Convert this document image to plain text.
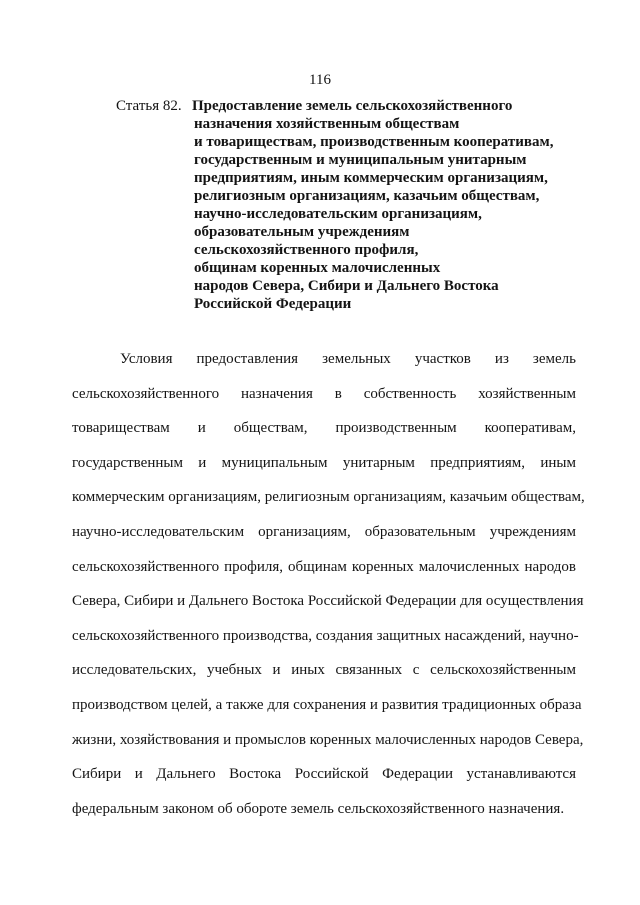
116
Статья 82. Предоставление земель сельскохозяйственного
назначения хозяйственным обществам
и товариществам, производственным кооперативам,
государственным и муниципальным унитарным
предприятиям, иным коммерческим организациям,
религиозным организациям, казачьим обществам,
научно-исследовательским организациям,
образовательным учреждениям
сельскохозяйственного профиля,
общинам коренных малочисленных
народов Севера, Сибири и Дальнего Востока
Российской Федерации
Условия предоставления земельных участков из земель
сельскохозяйственного назначения в собственность хозяйственным
товариществам и обществам, производственным кооперативам,
государственным и муниципальным унитарным предприятиям, иным
коммерческим организациям, религиозным организациям, казачьим обществам,
научно-исследовательским организациям, образовательным учреждениям
сельскохозяйственного профиля, общинам коренных малочисленных народов
Севера, Сибири и Дальнего Востока Российской Федерации для осуществления
сельскохозяйственного производства, создания защитных насаждений, научно-
исследовательских, учебных и иных связанных с сельскохозяйственным
производством целей, а также для сохранения и развития традиционных образа
жизни, хозяйствования и промыслов коренных малочисленных народов Севера,
Сибири и Дальнего Востока Российской Федерации устанавливаются
федеральным законом об обороте земель сельскохозяйственного назначения.
